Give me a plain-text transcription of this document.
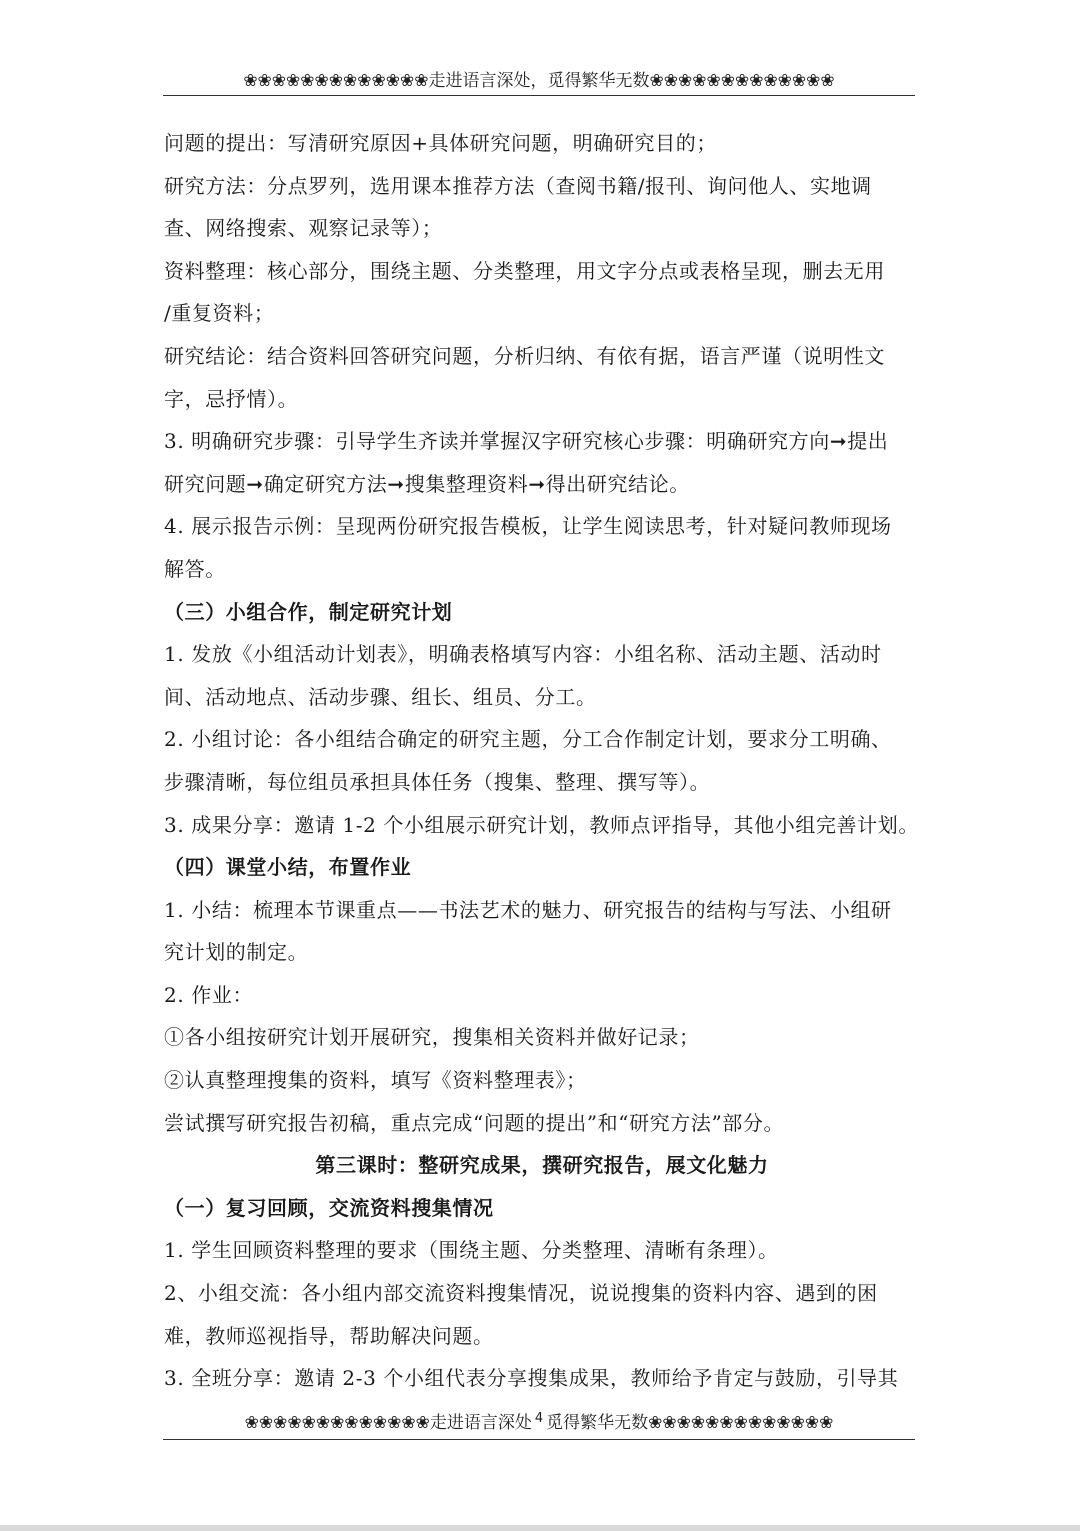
❀❀❀❀❀❀❀❀❀❀❀❀❀走进语言深处，觅得繁华无数❀❀❀❀❀❀❀❀❀❀❀❀❀

问题的提出：写清研究原因+具体研究问题，明确研究目的；

研究方法：分点罗列，选用课本推荐方法（查阅书籍/报刊、询问他人、实地调

查、网络搜索、观察记录等）；

资料整理：核心部分，围绕主题、分类整理，用文字分点或表格呈现，删去无用

/重复资料；

研究结论：结合资料回答研究问题，分析归纳、有依有据，语言严谨（说明性文

字，忌抒情）。

3. 明确研究步骤：引导学生齐读并掌握汉字研究核心步骤：明确研究方向➞提出

研究问题➞确定研究方法➞搜集整理资料➞得出研究结论。

4. 展示报告示例：呈现两份研究报告模板，让学生阅读思考，针对疑问教师现场

解答。

（三）小组合作，制定研究计划

1. 发放《小组活动计划表》，明确表格填写内容：小组名称、活动主题、活动时

间、活动地点、活动步骤、组长、组员、分工。

2. 小组讨论：各小组结合确定的研究主题，分工合作制定计划，要求分工明确、

步骤清晰，每位组员承担具体任务（搜集、整理、撰写等）。

3. 成果分享：邀请 1-2 个小组展示研究计划，教师点评指导，其他小组完善计划。

（四）课堂小结，布置作业

1. 小结：梳理本节课重点——书法艺术的魅力、研究报告的结构与写法、小组研

究计划的制定。

2. 作业：

①各小组按研究计划开展研究，搜集相关资料并做好记录；

②认真整理搜集的资料，填写《资料整理表》；

尝试撰写研究报告初稿，重点完成“问题的提出”和“研究方法”部分。

第三课时：整研究成果，撰研究报告，展文化魅力

（一）复习回顾，交流资料搜集情况

1. 学生回顾资料整理的要求（围绕主题、分类整理、清晰有条理）。

2、小组交流：各小组内部交流资料搜集情况，说说搜集的资料内容、遇到的困

难，教师巡视指导，帮助解决问题。

3. 全班分享：邀请 2-3 个小组代表分享搜集成果，教师给予肯定与鼓励，引导其

❀❀❀❀❀❀❀❀❀❀❀❀❀走进语言深处 $^4$ 觅得繁华无数❀❀❀❀❀❀❀❀❀❀❀❀❀
